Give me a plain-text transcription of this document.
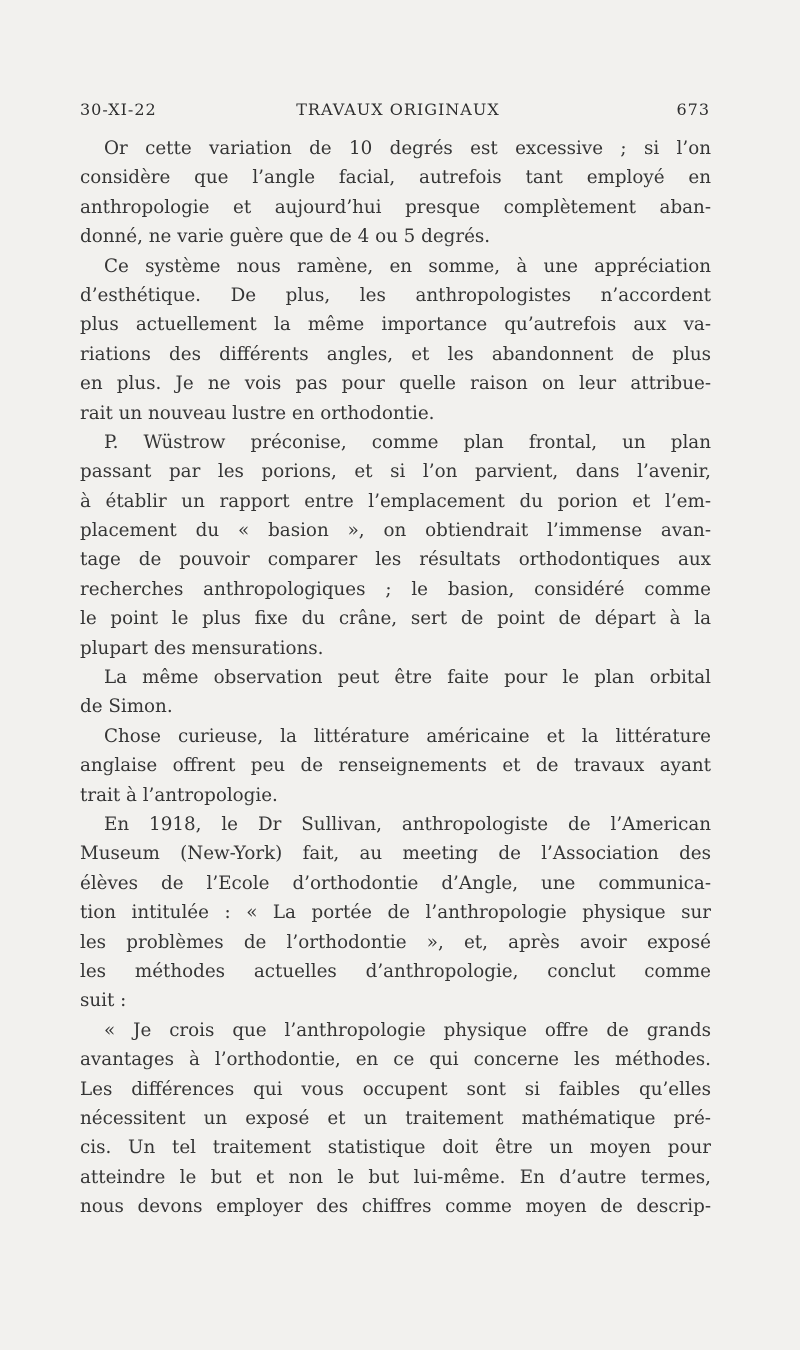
30-XI-22	TRAVAUX ORIGINAUX	673
Or cette variation de 10 degrés est excessive ; si l’on
considère que l’angle facial, autrefois tant employé en
anthropologie et aujourd’hui presque complètement aban-
donné, ne varie guère que de 4 ou 5 degrés.
Ce système nous ramène, en somme, à une appréciation
d’esthétique. De plus, les anthropologistes n’accordent
plus actuellement la même importance qu’autrefois aux va-
riations des différents angles, et les abandonnent de plus
en plus. Je ne vois pas pour quelle raison on leur attribue-
rait un nouveau lustre en orthodontie.
P. Wüstrow préconise, comme plan frontal, un plan
passant par les porions, et si l’on parvient, dans l’avenir,
à établir un rapport entre l’emplacement du porion et l’em-
placement du « basion », on obtiendrait l’immense avan-
tage de pouvoir comparer les résultats orthodontiques aux
recherches anthropologiques ; le basion, considéré comme
le point le plus fixe du crâne, sert de point de départ à la
plupart des mensurations.
La même observation peut être faite pour le plan orbital
de Simon.
Chose curieuse, la littérature américaine et la littérature
anglaise offrent peu de renseignements et de travaux ayant
trait à l’antropologie.
En 1918, le Dr Sullivan, anthropologiste de l’American
Museum (New-York) fait, au meeting de l’Association des
élèves de l’Ecole d’orthodontie d’Angle, une communica-
tion intitulée : « La portée de l’anthropologie physique sur
les problèmes de l’orthodontie », et, après avoir exposé
les méthodes actuelles d’anthropologie, conclut comme
suit :
« Je crois que l’anthropologie physique offre de grands
avantages à l’orthodontie, en ce qui concerne les méthodes.
Les différences qui vous occupent sont si faibles qu’elles
nécessitent un exposé et un traitement mathématique pré-
cis. Un tel traitement statistique doit être un moyen pour
atteindre le but et non le but lui-même. En d’autre termes,
nous devons employer des chiffres comme moyen de descrip-
